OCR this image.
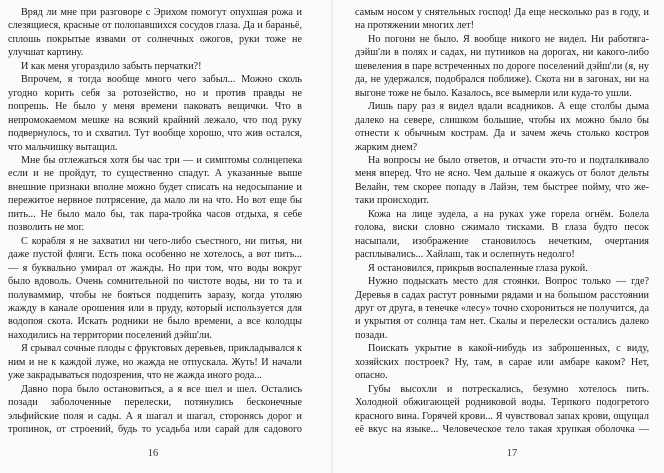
Вряд ли мне при разговоре с Эрихом помогут опухшая рожа и слезящиеся, красные от полопавшихся сосудов глаза. Да и бараньё, сплошь покрытые язвами от солнечных ожогов, руки тоже не улучшат картину.

И как меня угораздило забыть перчатки?!

Впрочем, я тогда вообще много чего забыл... Можно сколь угодно корить себя за ротозейство, но и против правды не попрешь. Не было у меня времени паковать вещички. Что в непромокаемом мешке на всякий крайний лежало, что под руку подвернулось, то и схватил. Тут вообще хорошо, что жив остался, что мальчишку вытащил.

Мне бы отлежаться хотя бы час три — и симптомы солнцепека если и не пройдут, то существенно спадут. А указанные выше внешние признаки вполне можно будет списать на недосыпание и пережитое нервное потрясение, да мало ли на что. Но вот еще бы пить... Не было мало бы, так пара-тройка часов отдыха, я себе позволить не мог.

С корабля я не захватил ни чего-либо съестного, ни питья, ни даже пустой фляги. Есть пока особенно не хотелось, а вот пить... — я буквально умирал от жажды. Но при том, что воды вокруг было вдоволь. Очень сомнительной по чистоте воды, ни то та и полуваммир, чтобы не бояться подцепить заразу, когда утоляю жажду в канале орошения или в пруду, который используется для водопоя скота. Искать родники не было времени, а все колодцы находились на территории поселений дэйш'ли.

Я срывал сочные плоды с фруктовых деревьев, прикладывался к ним и не к каждой луже, но жажда не отпускала. Жуть! И начали уже закрадываться подозрения, что не жажда иного рода...

Давно пора было остановиться, а я все шел и шел. Остались позади заболоченные перелески, потянулись бесконечные эльфийские поля и сады. А я шагал и шагал, сторонясь дорог и тропинок, от строений, будь то усадьба или сарай для садового

самым носом у снятельных господ! Да еще несколько раз в году, и на протяжении многих лет!

Но погони не было. Я вообще никого не видел. Ни работяга-дэйш'ли в полях и садах, ни путников на дорогах, ни какого-либо шевеления в паре встреченных по дороге поселений дэйш'ли (я, ну да, не удержался, подобрался поближе). Скота ни в загонах, ни на выгоне тоже не было. Казалось, все вымерли или куда-то ушли.

Лишь пару раз я видел вдали всадников. А еще столбы дыма далеко на севере, слишком большие, чтобы их можно было бы отнести к обычным кострам. Да и зачем жечь столько костров жарким днем?

На вопросы не было ответов, и отчасти это-то и подталкивало меня вперед. Что не ясно. Чем дальше я окажусь от болот дельты Велайн, тем скорее попаду в Лайэн, тем быстрее пойму, что же-таки происходит.

Кожа на лице зудела, а на руках уже горела огнём. Болела голова, виски словно сжимало тисками. В глаза будто песок насыпали, изображение становилось нечетким, очертания расплывались... Хайлаш, так и ослепнуть недолго!

Я остановился, прикрыв воспаленные глаза рукой.

Нужно подыскать место для стоянки. Вопрос только — где? Деревья в садах растут ровными рядами и на большом расстоянии друг от друга, в тенечке «лесу» точно схорониться не получится, да и укрытия от солнца там нет. Скалы и перелески остались далеко позади.

Поискать укрытие в какой-нибудь из заброшенных, с виду, хозяйских построек? Ну, там, в сарае или амбаре каком? Нет, опасно.

Губы высохли и потрескались, безумно хотелось пить. Холодной обжигающей родниковой воды. Терпкого подогретого красного вина. Горячей крови... Я чувствовал запах крови, ощущал её вкус на языке... Человеческое тело такая хрупкая оболочка —

16	17
